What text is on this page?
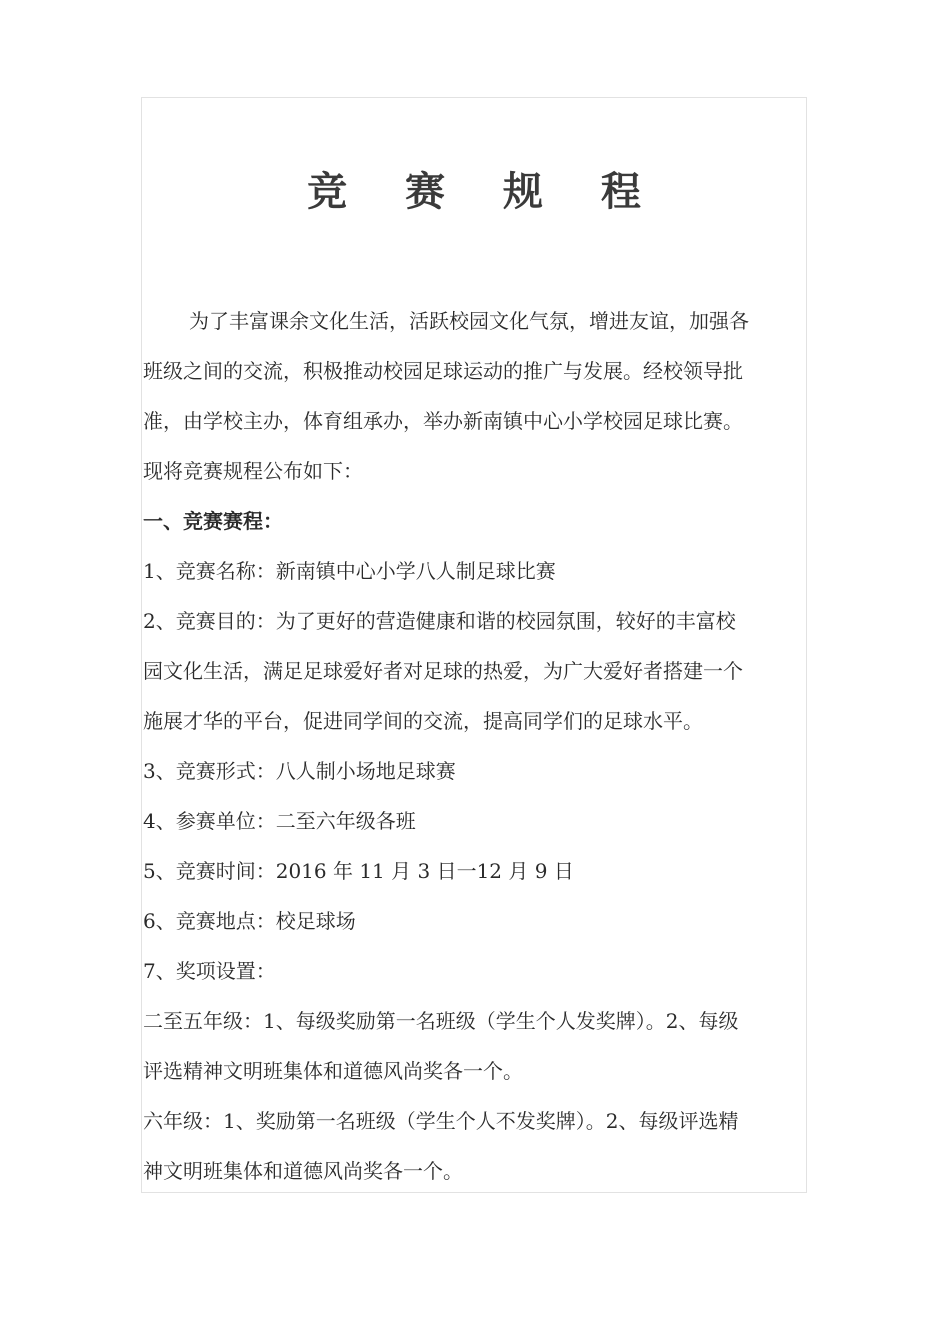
竞 赛 规 程

为了丰富课余文化生活，活跃校园文化气氛，增进友谊，加强各

班级之间的交流，积极推动校园足球运动的推广与发展。经校领导批

准，由学校主办，体育组承办，举办新南镇中心小学校园足球比赛。

现将竞赛规程公布如下：

一、竞赛赛程：

1、竞赛名称：新南镇中心小学八人制足球比赛

2、竞赛目的：为了更好的营造健康和谐的校园氛围，较好的丰富校

园文化生活，满足足球爱好者对足球的热爱，为广大爱好者搭建一个

施展才华的平台，促进同学间的交流，提高同学们的足球水平。

3、竞赛形式：八人制小场地足球赛

4、参赛单位：二至六年级各班

5、竞赛时间：2016 年 11 月 3 日一12 月 9 日

6、竞赛地点：校足球场

7、奖项设置：

二至五年级：1、每级奖励第一名班级（学生个人发奖牌）。2、每级

评选精神文明班集体和道德风尚奖各一个。

六年级：1、奖励第一名班级（学生个人不发奖牌）。2、每级评选精

神文明班集体和道德风尚奖各一个。
